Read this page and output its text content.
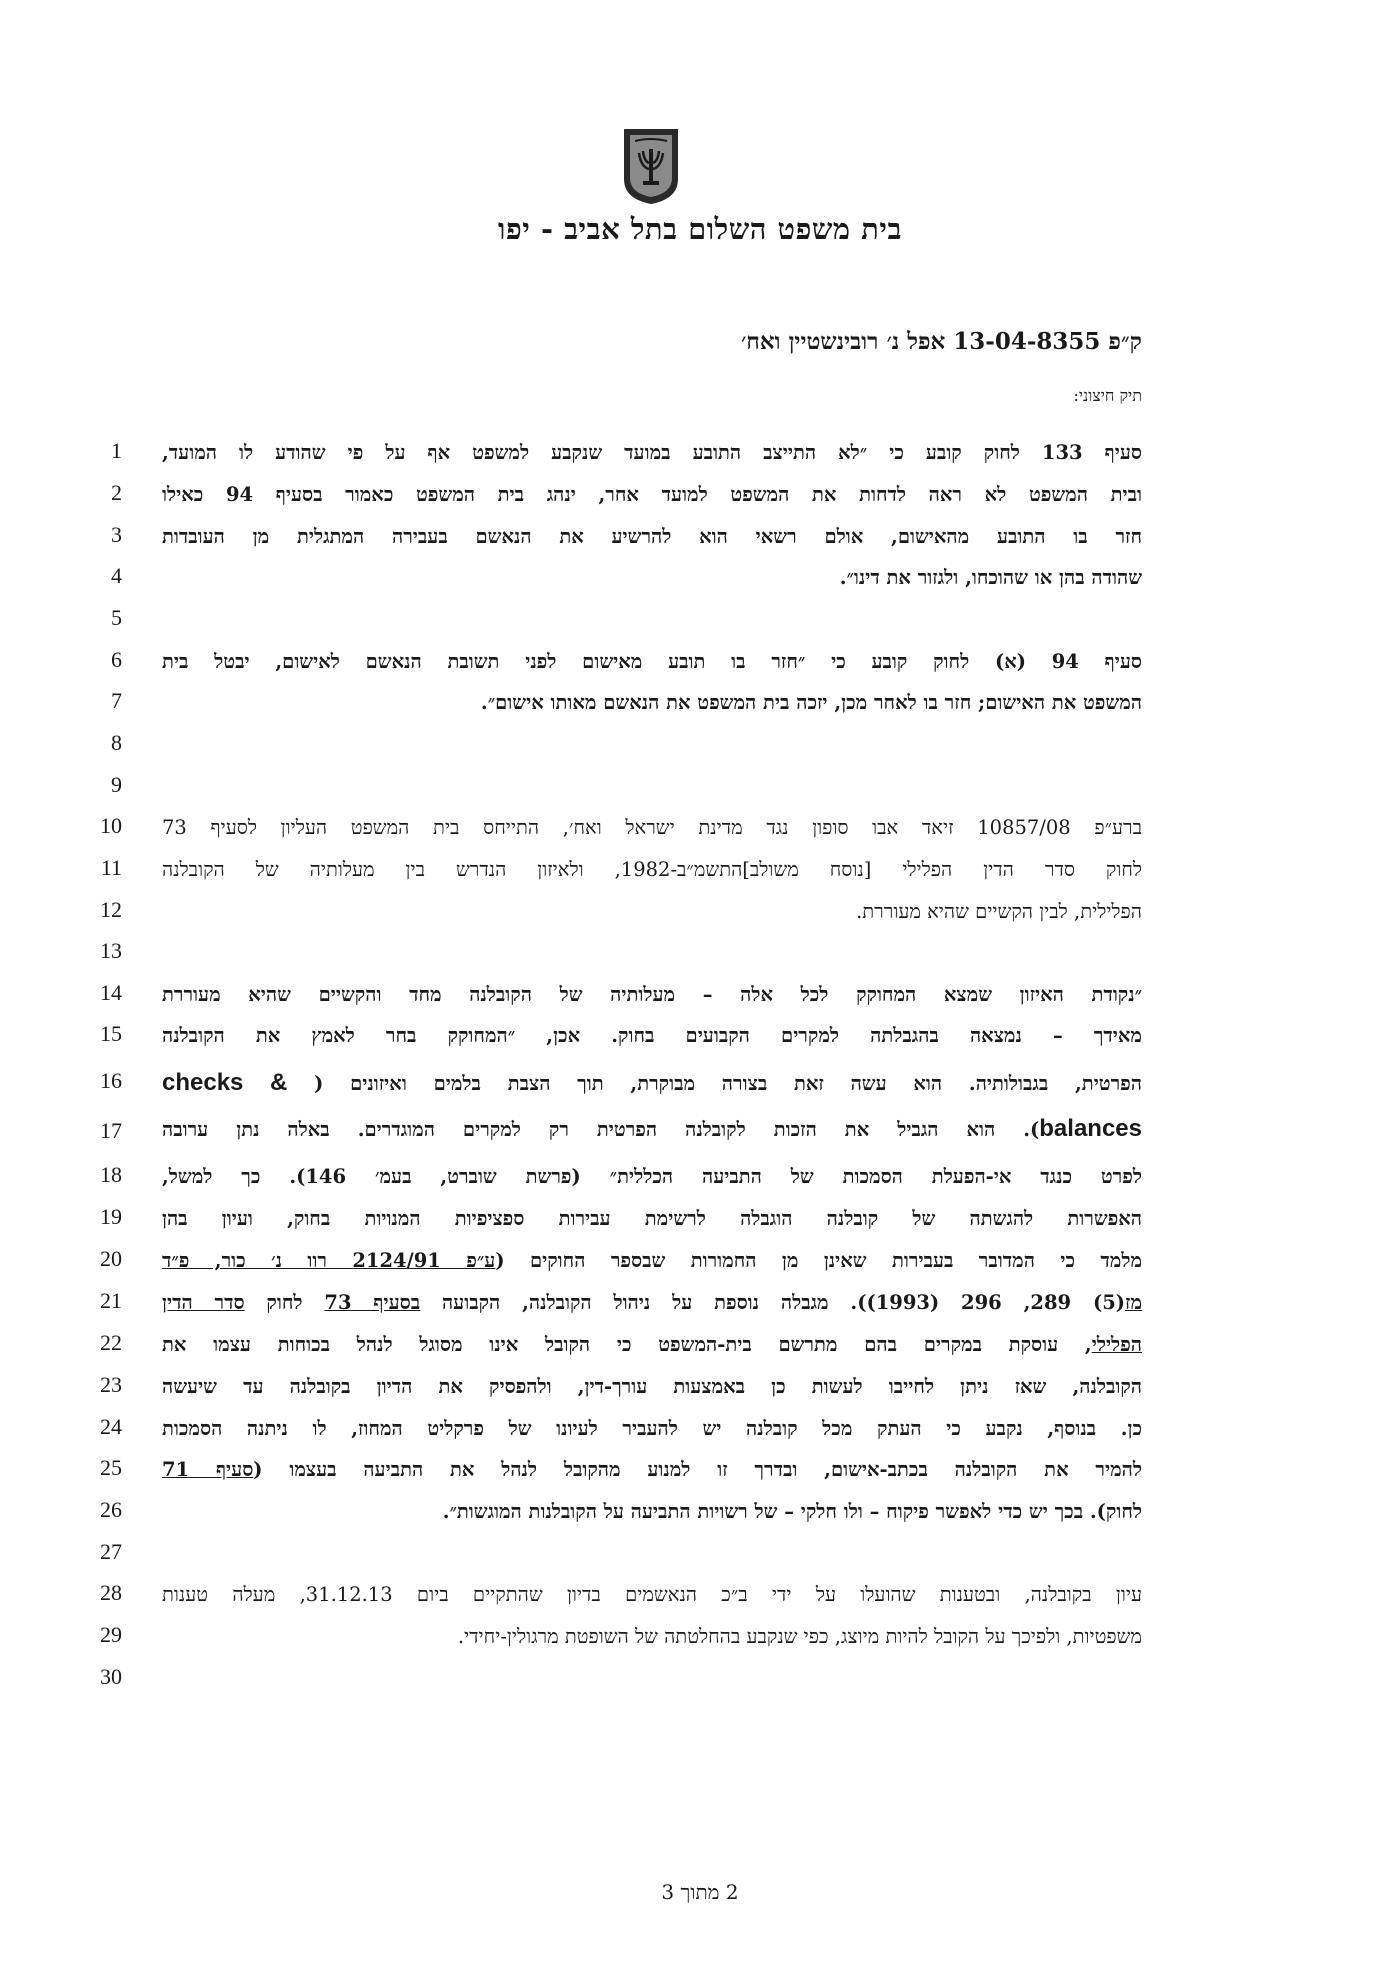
בית משפט השלום בתל אביב - יפו
ק״פ 13-04-8355 אפל נ׳ רובינשטיין ואח׳
תיק חיצוני:
1
2
3
4
5
6
7
8
9
10
11
12
13
14
15
16
17
18
19
20
21
22
23
24
25
26
27
28
29
30
סעיף 133 לחוק קובע כי ״לא התייצב התובע במועד שנקבע למשפט אף על פי שהודע לו המועד,
ובית המשפט לא ראה לדחות את המשפט למועד אחר, ינהג בית המשפט כאמור בסעיף 94 כאילו
חזר בו התובע מהאישום, אולם רשאי הוא להרשיע את הנאשם בעבירה המתגלית מן העובדות
שהודה בהן או שהוכחו, ולגזור את דינו״.
סעיף 94 (א) לחוק קובע כי ״חזר בו תובע מאישום לפני תשובת הנאשם לאישום, יבטל בית
המשפט את האישום; חזר בו לאחר מכן, יזכה בית המשפט את הנאשם מאותו אישום״.
ברע״פ 10857/08 זיאד אבו סופון נגד מדינת ישראל ואח׳, התייחס בית המשפט העליון לסעיף 73
לחוק סדר הדין הפלילי [נוסח משולב]התשמ״ב-1982, ולאיזון הנדרש בין מעלותיה של הקובלנה
הפלילית, לבין הקשיים שהיא מעוררת.
״נקודת האיזון שמצא המחוקק לכל אלה – מעלותיה של הקובלנה מחד והקשיים שהיא מעוררת
מאידך – נמצאה בהגבלתה למקרים הקבועים בחוק. אכן, ״המחוקק בחר לאמץ את הקובלנה
הפרטית, בגבולותיה. הוא עשה זאת בצורה מבוקרת, תוך הצבת בלמים ואיזונים ( checks &
balances). הוא הגביל את הזכות לקובלנה הפרטית רק למקרים המוגדרים. באלה נתן ערובה
לפרט כנגד אי-הפעלת הסמכות של התביעה הכללית״ (פרשת שוברט, בעמ׳ 146). כך למשל,
האפשרות להגשתה של קובלנה הוגבלה לרשימת עבירות ספציפיות המנויות בחוק, ועיון בהן
מלמד כי המדובר בעבירות שאינן מן החמורות שבספר החוקים (ע״פ 2124/91 רוו נ׳ כור, פ״ד
מז(5) 289, 296 (1993)). מגבלה נוספת על ניהול הקובלנה, הקבועה בסעיף 73 לחוק סדר הדין
הפלילי, עוסקת במקרים בהם מתרשם בית-המשפט כי הקובל אינו מסוגל לנהל בכוחות עצמו את
הקובלנה, שאז ניתן לחייבו לעשות כן באמצעות עורך-דין, ולהפסיק את הדיון בקובלנה עד שיעשה
כן. בנוסף, נקבע כי העתק מכל קובלנה יש להעביר לעיונו של פרקליט המחוז, לו ניתנה הסמכות
להמיר את הקובלנה בכתב-אישום, ובדרך זו למנוע מהקובל לנהל את התביעה בעצמו (סעיף 71
לחוק). בכך יש כדי לאפשר פיקוח – ולו חלקי – של רשויות התביעה על הקובלנות המוגשות״.
עיון בקובלנה, ובטענות שהועלו על ידי ב״כ הנאשמים בדיון שהתקיים ביום 31.12.13, מעלה טענות
משפטיות, ולפיכך על הקובל להיות מיוצג, כפי שנקבע בהחלטתה של השופטת מרגולין-יחידי.
2 מתוך 3
